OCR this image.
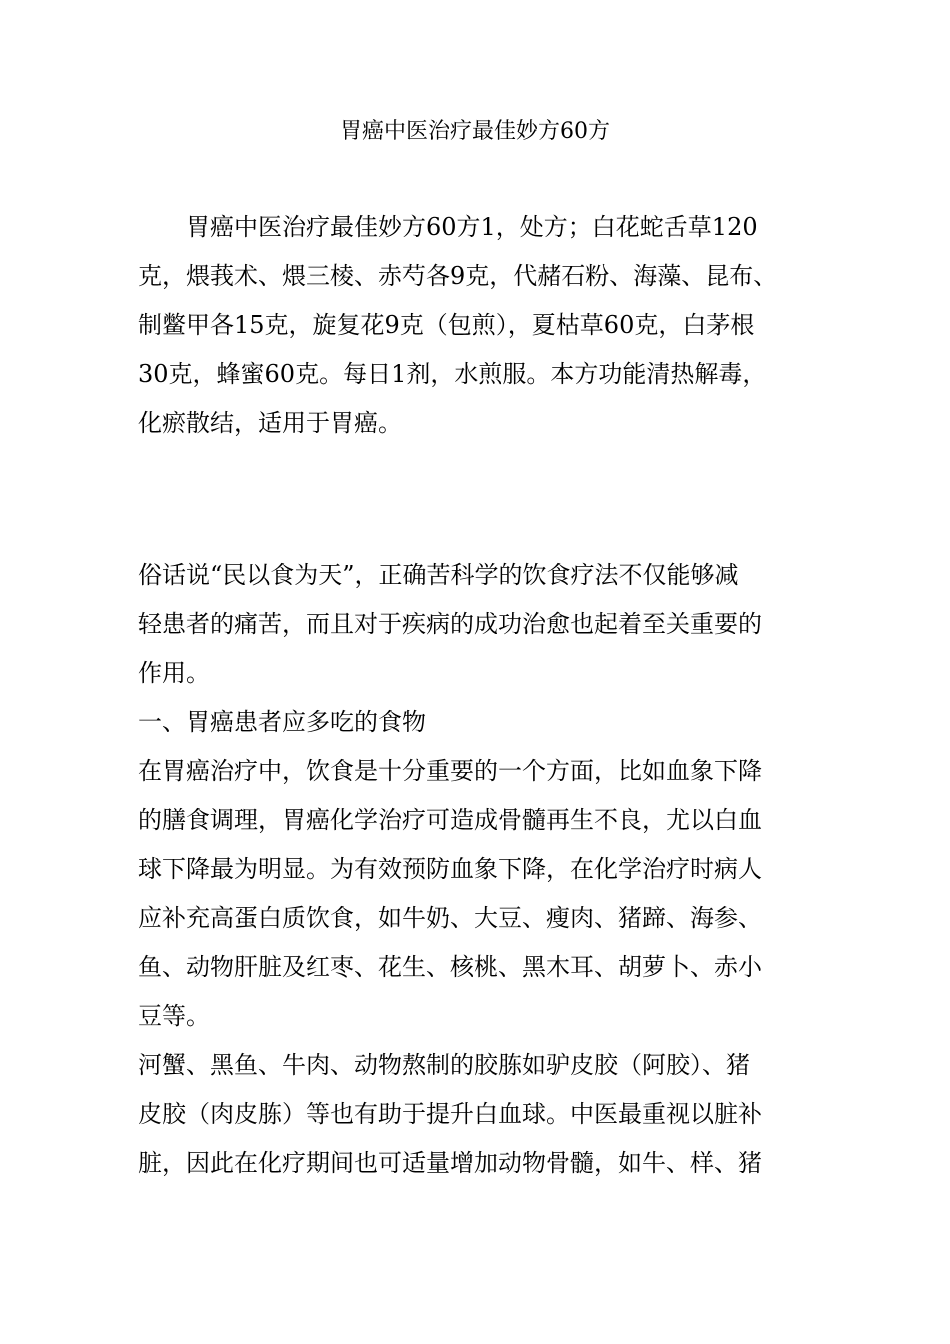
胃癌中医治疗最佳妙方60方
胃癌中医治疗最佳妙方60方1，处方；白花蛇舌草120
克，煨莪术、煨三棱、赤芍各9克，代赭石粉、海藻、昆布、
制鳖甲各15克，旋复花9克（包煎），夏枯草60克，白茅根
30克，蜂蜜60克。每日1剂，水煎服。本方功能清热解毒，
化瘀散结，适用于胃癌。
俗话说“民以食为天”，正确苦科学的饮食疗法不仅能够减
轻患者的痛苦，而且对于疾病的成功治愈也起着至关重要的
作用。
一、胃癌患者应多吃的食物
在胃癌治疗中，饮食是十分重要的一个方面，比如血象下降
的膳食调理，胃癌化学治疗可造成骨髓再生不良，尤以白血
球下降最为明显。为有效预防血象下降，在化学治疗时病人
应补充高蛋白质饮食，如牛奶、大豆、瘦肉、猪蹄、海参、
鱼、动物肝脏及红枣、花生、核桃、黑木耳、胡萝卜、赤小
豆等。
河蟹、黑鱼、牛肉、动物熬制的胶胨如驴皮胶（阿胶）、猪
皮胶（肉皮胨）等也有助于提升白血球。中医最重视以脏补
脏，因此在化疗期间也可适量增加动物骨髓，如牛、样、猪
